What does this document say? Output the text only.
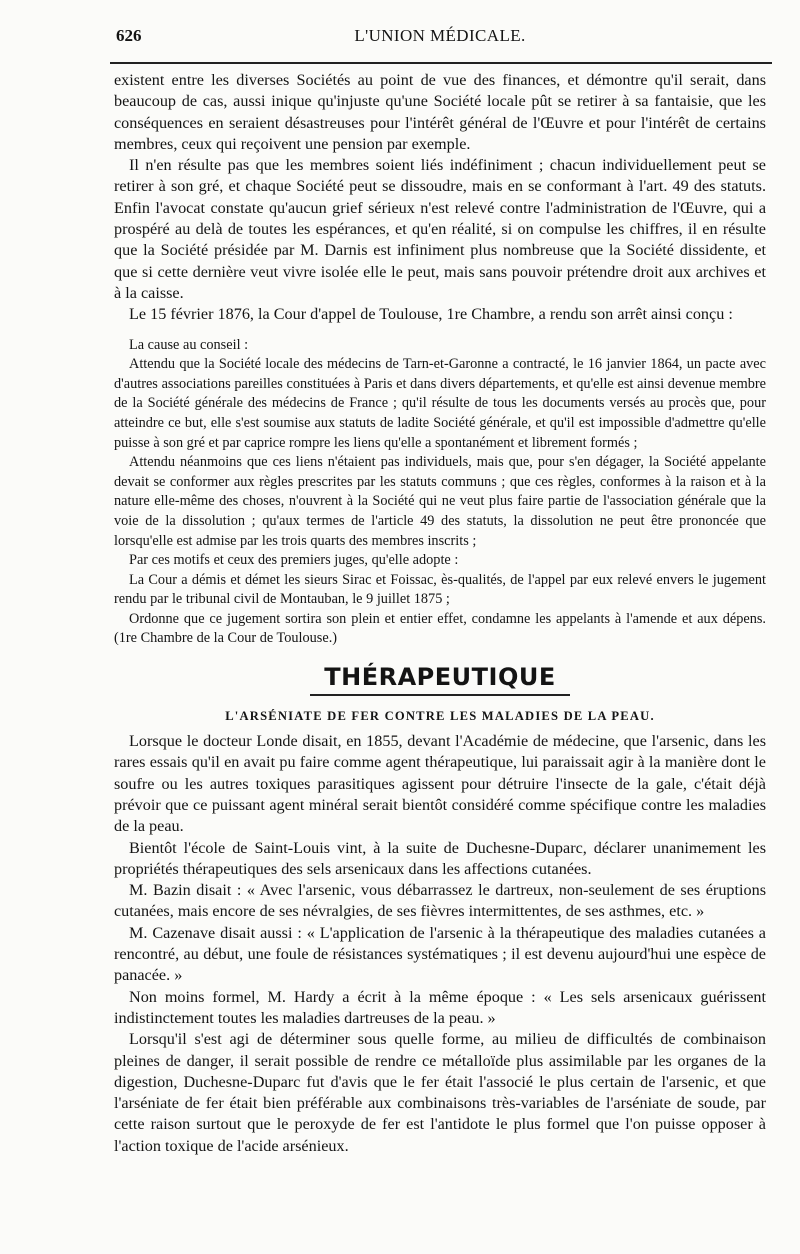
626	L'UNION MÉDICALE.

existent entre les diverses Sociétés au point de vue des finances, et démontre qu'il serait, dans beaucoup de cas, aussi inique qu'injuste qu'une Société locale pût se retirer à sa fantaisie, que les conséquences en seraient désastreuses pour l'intérêt général de l'Œuvre et pour l'intérêt de certains membres, ceux qui reçoivent une pension par exemple.

Il n'en résulte pas que les membres soient liés indéfiniment ; chacun individuellement peut se retirer à son gré, et chaque Société peut se dissoudre, mais en se conformant à l'art. 49 des statuts. Enfin l'avocat constate qu'aucun grief sérieux n'est relevé contre l'administration de l'Œuvre, qui a prospéré au delà de toutes les espérances, et qu'en réalité, si on compulse les chiffres, il en résulte que la Société présidée par M. Darnis est infiniment plus nombreuse que la Société dissidente, et que si cette dernière veut vivre isolée elle le peut, mais sans pouvoir prétendre droit aux archives et à la caisse.

Le 15 février 1876, la Cour d'appel de Toulouse, 1re Chambre, a rendu son arrêt ainsi conçu :

La cause au conseil :

Attendu que la Société locale des médecins de Tarn-et-Garonne a contracté, le 16 janvier 1864, un pacte avec d'autres associations pareilles constituées à Paris et dans divers départements, et qu'elle est ainsi devenue membre de la Société générale des médecins de France ; qu'il résulte de tous les documents versés au procès que, pour atteindre ce but, elle s'est soumise aux statuts de ladite Société générale, et qu'il est impossible d'admettre qu'elle puisse à son gré et par caprice rompre les liens qu'elle a spontanément et librement formés ;

Attendu néanmoins que ces liens n'étaient pas individuels, mais que, pour s'en dégager, la Société appelante devait se conformer aux règles prescrites par les statuts communs ; que ces règles, conformes à la raison et à la nature elle-même des choses, n'ouvrent à la Société qui ne veut plus faire partie de l'association générale que la voie de la dissolution ; qu'aux termes de l'article 49 des statuts, la dissolution ne peut être prononcée que lorsqu'elle est admise par les trois quarts des membres inscrits ;

Par ces motifs et ceux des premiers juges, qu'elle adopte :

La Cour a démis et démet les sieurs Sirac et Foissac, ès-qualités, de l'appel par eux relevé envers le jugement rendu par le tribunal civil de Montauban, le 9 juillet 1875 ;

Ordonne que ce jugement sortira son plein et entier effet, condamne les appelants à l'amende et aux dépens. (1re Chambre de la Cour de Toulouse.)

THÉRAPEUTIQUE
L'ARSÉNIATE DE FER CONTRE LES MALADIES DE LA PEAU.

Lorsque le docteur Londe disait, en 1855, devant l'Académie de médecine, que l'arsenic, dans les rares essais qu'il en avait pu faire comme agent thérapeutique, lui paraissait agir à la manière dont le soufre ou les autres toxiques parasitiques agissent pour détruire l'insecte de la gale, c'était déjà prévoir que ce puissant agent minéral serait bientôt considéré comme spécifique contre les maladies de la peau.

Bientôt l'école de Saint-Louis vint, à la suite de Duchesne-Duparc, déclarer unanimement les propriétés thérapeutiques des sels arsenicaux dans les affections cutanées.

M. Bazin disait : « Avec l'arsenic, vous débarrassez le dartreux, non-seulement de ses éruptions cutanées, mais encore de ses névralgies, de ses fièvres intermittentes, de ses asthmes, etc. »

M. Cazenave disait aussi : « L'application de l'arsenic à la thérapeutique des maladies cutanées a rencontré, au début, une foule de résistances systématiques ; il est devenu aujourd'hui une espèce de panacée. »

Non moins formel, M. Hardy a écrit à la même époque : « Les sels arsenicaux guérissent indistinctement toutes les maladies dartreuses de la peau. »

Lorsqu'il s'est agi de déterminer sous quelle forme, au milieu de difficultés de combinaison pleines de danger, il serait possible de rendre ce métalloïde plus assimilable par les organes de la digestion, Duchesne-Duparc fut d'avis que le fer était l'associé le plus certain de l'arsenic, et que l'arséniate de fer était bien préférable aux combinaisons très-variables de l'arséniate de soude, par cette raison surtout que le peroxyde de fer est l'antidote le plus formel que l'on puisse opposer à l'action toxique de l'acide arsénieux.
